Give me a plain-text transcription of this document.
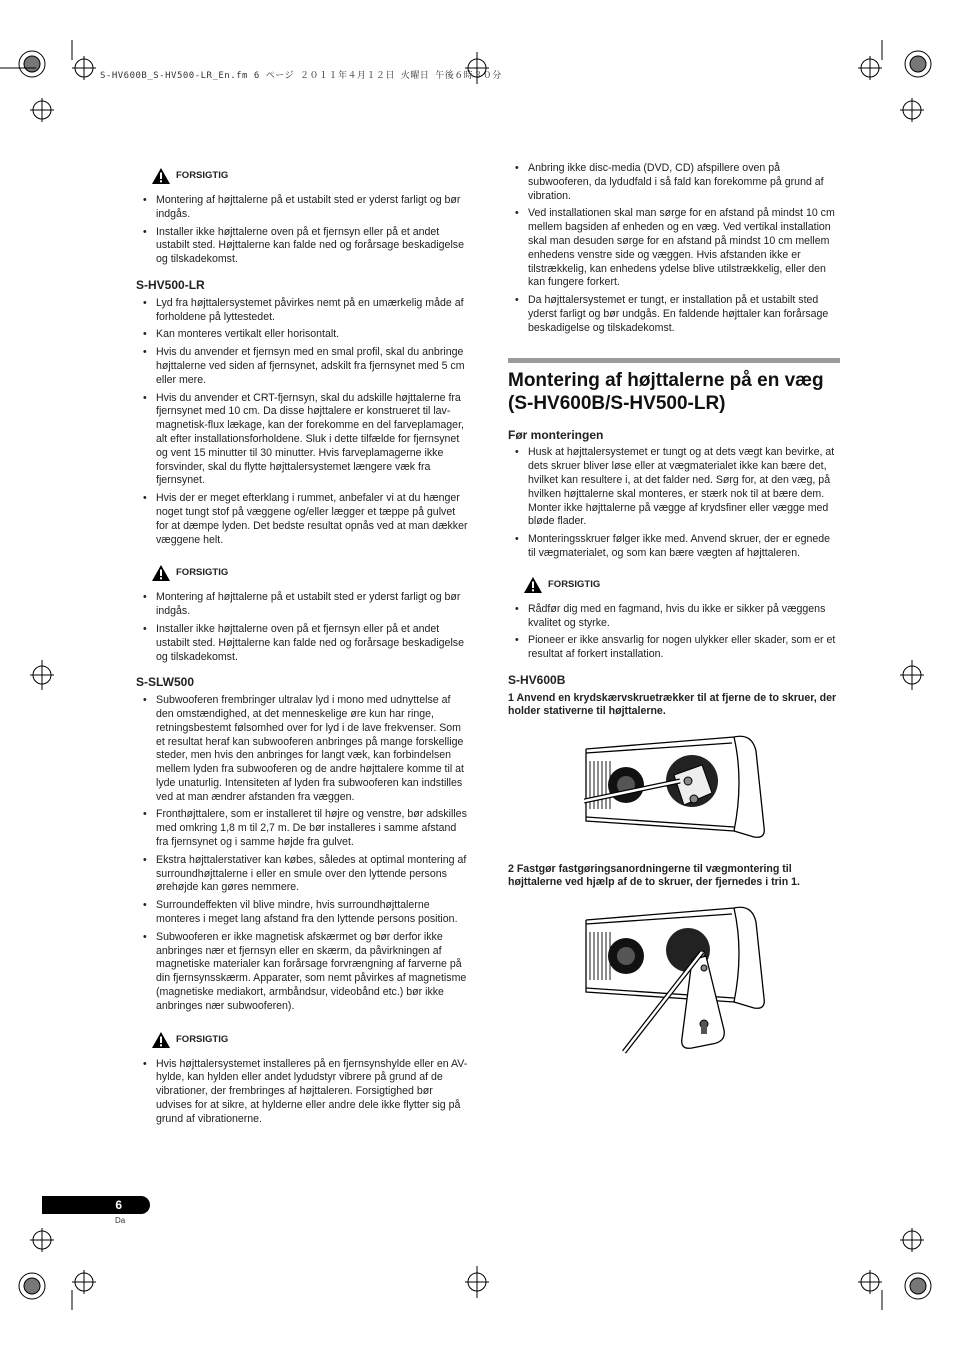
S-HV600B_S-HV500-LR_En.fm 6 ページ ２０１１年４月１２日 火曜日 午後６時３０分
FORSIGTIG
• Montering af højttalerne på et ustabilt sted er yderst farligt og bør indgås.
• Installer ikke højttalerne oven på et fjernsyn eller på et andet ustabilt sted. Højttalerne kan falde ned og forårsage beskadigelse og tilskadekomst.
S-HV500-LR
• Lyd fra højttalersystemet påvirkes nemt på en umærkelig måde af forholdene på lyttestedet.
• Kan monteres vertikalt eller horisontalt.
• Hvis du anvender et fjernsyn med en smal profil, skal du anbringe højttalerne ved siden af fjernsynet, adskilt fra fjernsynet med 5 cm eller mere.
• Hvis du anvender et CRT-fjernsyn, skal du adskille højttalerne fra fjernsynet med 10 cm. Da disse højttalere er konstrueret til lav-magnetisk-flux lækage, kan der forekomme en del farveplamager, alt efter installationsforholdene. Sluk i dette tilfælde for fjernsynet og vent 15 minutter til 30 minutter. Hvis farveplamagerne ikke forsvinder, skal du flytte højttalersystemet længere væk fra fjernsynet.
• Hvis der er meget efterklang i rummet, anbefaler vi at du hænger noget tungt stof på væggene og/eller lægger et tæppe på gulvet for at dæmpe lyden. Det bedste resultat opnås ved at man dækker væggene helt.
FORSIGTIG
• Montering af højttalerne på et ustabilt sted er yderst farligt og bør indgås.
• Installer ikke højttalerne oven på et fjernsyn eller på et andet ustabilt sted. Højttalerne kan falde ned og forårsage beskadigelse og tilskadekomst.
S-SLW500
• Subwooferen frembringer ultralav lyd i mono med udnyttelse af den omstændighed, at det menneskelige øre kun har ringe, retningsbestemt følsomhed over for lyd i de lave frekvenser. Som et resultat heraf kan subwooferen anbringes på mange forskellige steder, men hvis den anbringes for langt væk, kan forbindelsen mellem lyden fra subwooferen og de andre højttalere komme til at lyde unaturlig. Intensiteten af lyden fra subwooferen kan indstilles ved at man ændrer afstanden fra væggen.
• Fronthøjttalere, som er installeret til højre og venstre, bør adskilles med omkring 1,8 m til 2,7 m. De bør installeres i samme afstand fra fjernsynet og i samme højde fra gulvet.
• Ekstra højttalerstativer kan købes, således at optimal montering af surroundhøjttalerne i eller en smule over den lyttende persons ørehøjde kan gøres nemmere.
• Surroundeffekten vil blive mindre, hvis surroundhøjttalerne monteres i meget lang afstand fra den lyttende persons position.
• Subwooferen er ikke magnetisk afskærmet og bør derfor ikke anbringes nær et fjernsyn eller en skærm, da påvirkningen af magnetiske materialer kan forårsage forvrængning af farverne på din fjernsynsskærm. Apparater, som nemt påvirkes af magnetisme (magnetiske mediakort, armbåndsur, videobånd etc.) bør ikke anbringes nær subwooferen).
FORSIGTIG
• Hvis højttalersystemet installeres på en fjernsynshylde eller en AV-hylde, kan hylden eller andet lydudstyr vibrere på grund af de vibrationer, der frembringes af højttaleren. Forsigtighed bør udvises for at sikre, at hylderne eller andre dele ikke flytter sig på grund af vibrationerne.
• Anbring ikke disc-media (DVD, CD) afspillere oven på subwooferen, da lydudfald i så fald kan forekomme på grund af vibration.
• Ved installationen skal man sørge for en afstand på mindst 10 cm mellem bagsiden af enheden og en væg. Ved vertikal installation skal man desuden sørge for en afstand på mindst 10 cm mellem enhedens venstre side og væggen. Hvis afstanden ikke er tilstrækkelig, kan enhedens ydelse blive utilstrækkelig, eller den kan fungere forkert.
• Da højttalersystemet er tungt, er installation på et ustabilt sted yderst farligt og bør undgås. En faldende højttaler kan forårsage beskadigelse og tilskadekomst.
Montering af højttalerne på en væg
(S-HV600B/S-HV500-LR)
Før monteringen
• Husk at højttalersystemet er tungt og at dets vægt kan bevirke, at dets skruer bliver løse eller at vægmaterialet ikke kan bære det, hvilket kan resultere i, at det falder ned. Sørg for, at den væg, på hvilken højttalerne skal monteres, er stærk nok til at bære dem. Monter ikke højttalerne på vægge af krydsfiner eller vægge med bløde flader.
• Monteringsskruer følger ikke med. Anvend skruer, der er egnede til vægmaterialet, og som kan bære vægten af højttaleren.
FORSIGTIG
• Rådfør dig med en fagmand, hvis du ikke er sikker på væggens kvalitet og styrke.
• Pioneer er ikke ansvarlig for nogen ulykker eller skader, som er et resultat af forkert installation.
S-HV600B
1 Anvend en krydskærvskruetrækker til at fjerne de to skruer, der holder stativerne til højttalerne.
2 Fastgør fastgøringsanordningerne til vægmontering til højttalerne ved hjælp af de to skruer, der fjernedes i trin 1.
6
Da
